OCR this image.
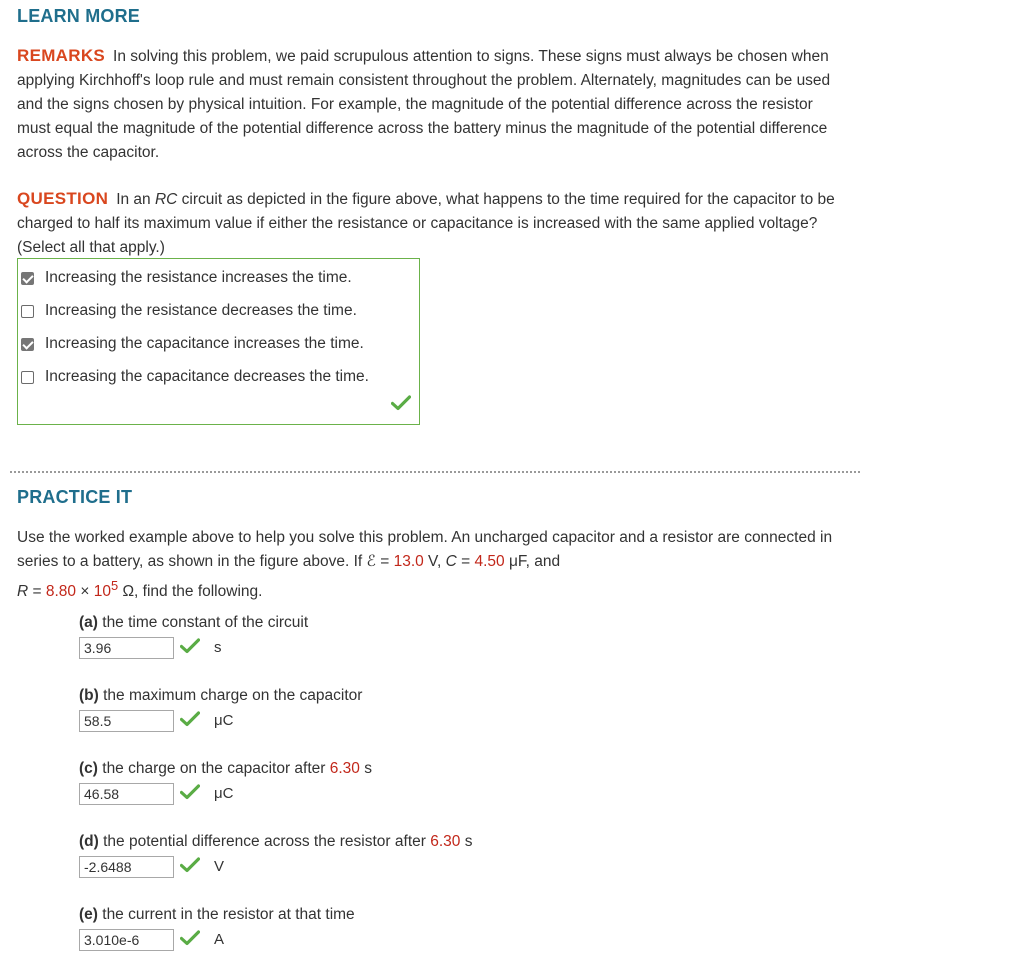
LEARN MORE

REMARKS In solving this problem, we paid scrupulous attention to signs. These signs must always be chosen when applying Kirchhoff's loop rule and must remain consistent throughout the problem. Alternately, magnitudes can be used and the signs chosen by physical intuition. For example, the magnitude of the potential difference across the resistor must equal the magnitude of the potential difference across the battery minus the magnitude of the potential difference across the capacitor.

QUESTION In an RC circuit as depicted in the figure above, what happens to the time required for the capacitor to be charged to half its maximum value if either the resistance or capacitance is increased with the same applied voltage? (Select all that apply.)

Increasing the resistance increases the time.
Increasing the resistance decreases the time.
Increasing the capacitance increases the time.
Increasing the capacitance decreases the time.
PRACTICE IT

Use the worked example above to help you solve this problem. An uncharged capacitor and a resistor are connected in series to a battery, as shown in the figure above. If ℰ = 13.0 V, C = 4.50 μF, and
$R = 8.80 \times 10^5$ Ω, find the following.

(a) the time constant of the circuit

3.96
s

(b) the maximum charge on the capacitor

58.5
μC

(c) the charge on the capacitor after 6.30 s

46.58
μC

(d) the potential difference across the resistor after 6.30 s

-2.6488
V

(e) the current in the resistor at that time

3.010e-6
A
